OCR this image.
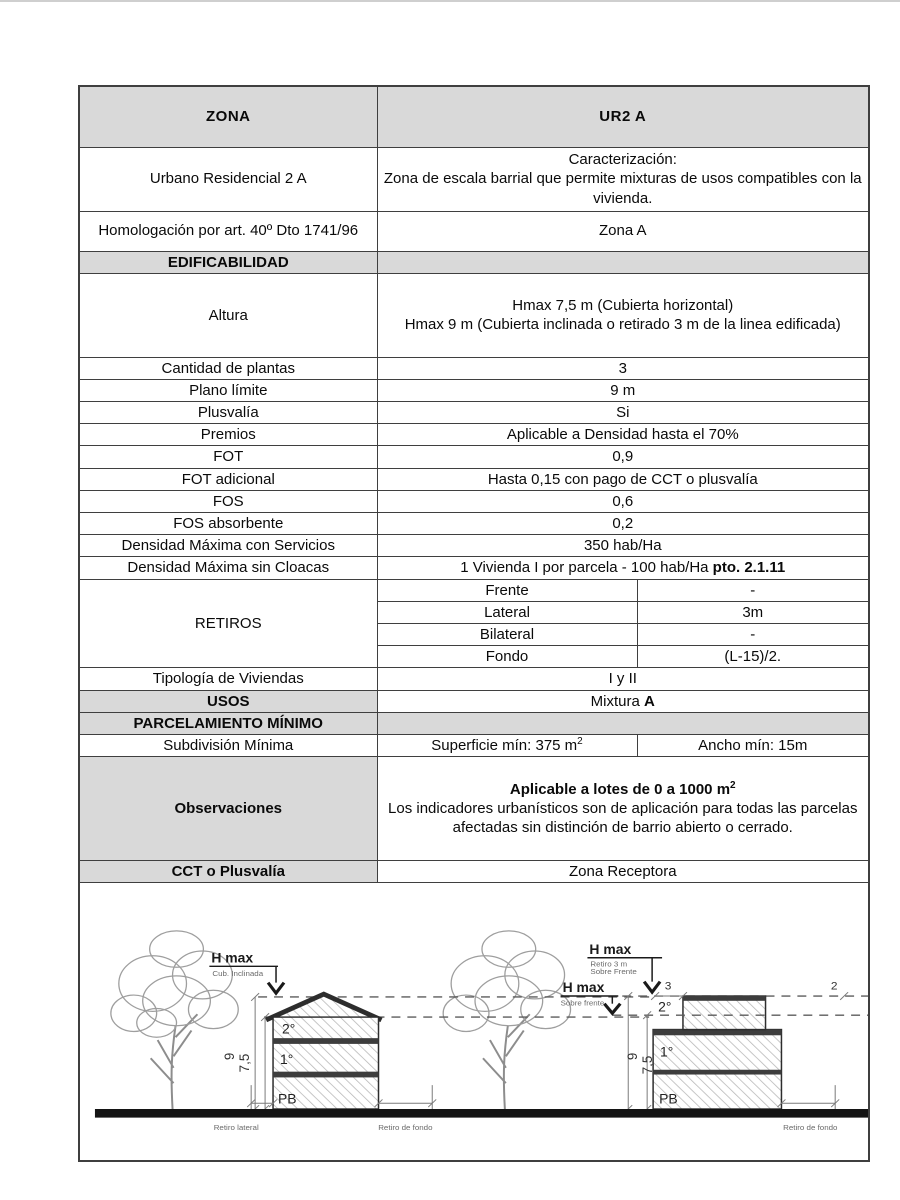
ZONA	UR2 A	
Urbano Residencial 2 A	Caracterización:
Zona de escala barrial que permite mixturas de usos compatibles con la vivienda.	

Homologación por art. 40º Dto 1741/96	Zona A	
EDIFICABILIDAD		
Altura	Hmax 7,5 m (Cubierta horizontal)
Hmax 9 m (Cubierta inclinada o retirado 3 m de la linea edificada)	

Cantidad de plantas	3	
Plano límite	9 m	
Plusvalía	Si	
Premios	Aplicable a Densidad hasta el 70%	
FOT	0,9	
FOT adicional	Hasta 0,15 con pago de CCT o plusvalía	
FOS	0,6	
FOS absorbente	0,2	
Densidad Máxima con Servicios	350 hab/Ha	
Densidad Máxima sin Cloacas	1 Vivienda I por parcela - 100 hab/Ha pto. 2.1.11	
RETIROS	Frente	-
	Lateral	3m
	Bilateral	-
	Fondo	(L-15)/2.
Tipología de Viviendas	I y II	
USOS	Mixtura A	
PARCELAMIENTO MÍNIMO		
Subdivisión Mínima	Superficie mín: 375 $m^2$	Ancho mín: 15m
Observaciones	Aplicable a lotes de 0 a 1000 $m^2$
Los indicadores urbanísticos son de aplicación para todas las parcelas afectadas sin distinción de barrio abierto o cerrado.	

CCT o Plusvalía	Zona Receptora	

2°
1°
PB
2°
1°
PB
9 7,5	9 7,5
H max
Cub. Inclinada
H max
Retiro 3 m
Sobre Frente
H max
Sobre frente
3	2
Retiro lateral	Retiro de fondo	Retiro de fondo
